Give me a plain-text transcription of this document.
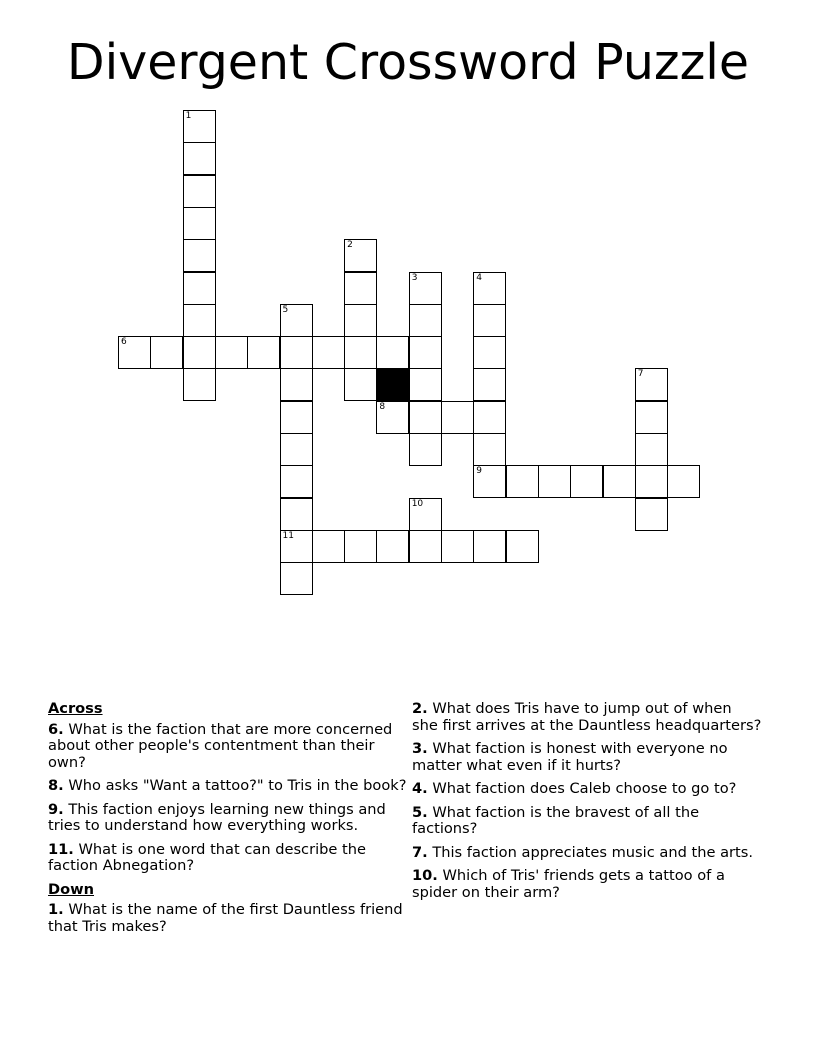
Divergent Crossword Puzzle
1
2
3	4
9
5
11
6
7
8
10
Across
6. What is the faction that are more concerned about other people's contentment than their own?
8. Who asks "Want a tattoo?" to Tris in the book?
9. This faction enjoys learning new things and tries to understand how everything works.
11. What is one word that can describe the faction Abnegation?
Down
1. What is the name of the first Dauntless friend that Tris makes?
2. What does Tris have to jump out of when she first arrives at the Dauntless headquarters?
3. What faction is honest with everyone no matter what even if it hurts?
4. What faction does Caleb choose to go to?
5. What faction is the bravest of all the factions?
7. This faction appreciates music and the arts.
10. Which of Tris' friends gets a tattoo of a spider on their arm?
